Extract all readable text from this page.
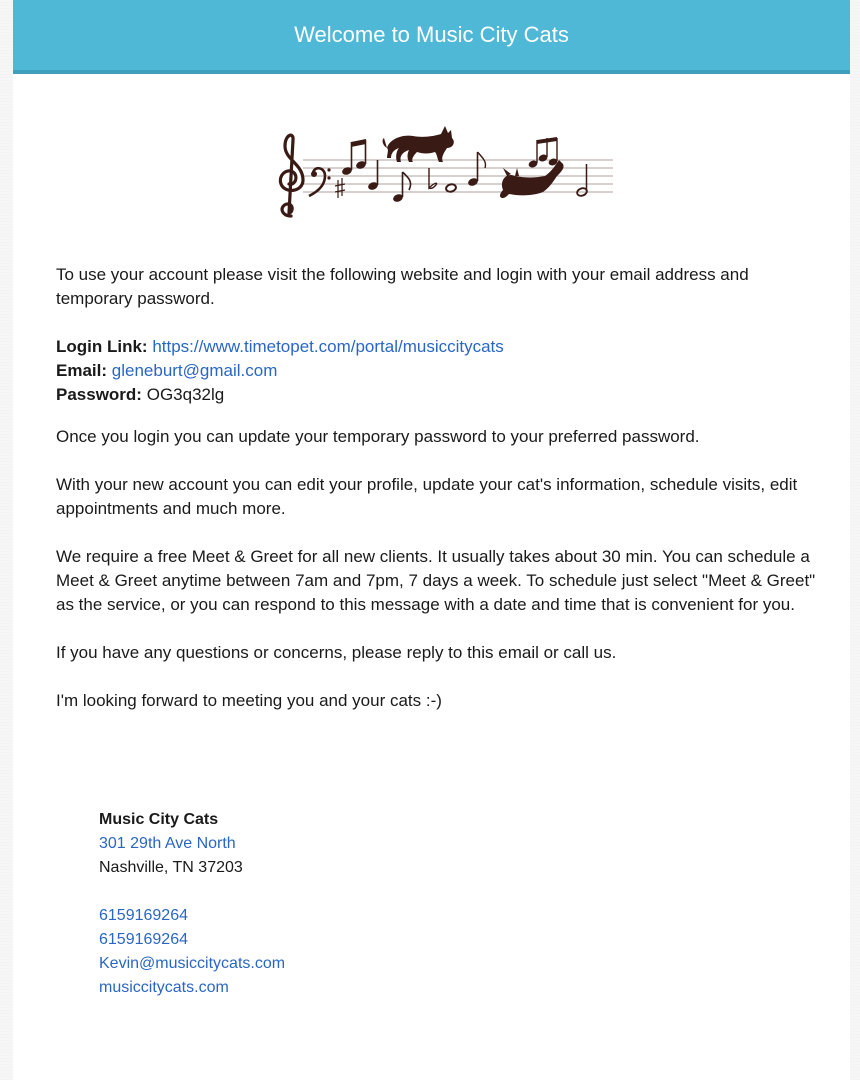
Welcome to Music City Cats

To use your account please visit the following website and login with your email address and temporary password.

Login Link: https://www.timetopet.com/portal/musiccitycats
Email: gleneburt@gmail.com
Password: OG3q32lg

Once you login you can update your temporary password to your preferred password.

With your new account you can edit your profile, update your cat's information, schedule visits, edit appointments and much more.

We require a free Meet & Greet for all new clients. It usually takes about 30 min. You can schedule a Meet & Greet anytime between 7am and 7pm, 7 days a week. To schedule just select "Meet & Greet" as the service, or you can respond to this message with a date and time that is convenient for you.

If you have any questions or concerns, please reply to this email or call us.

I'm looking forward to meeting you and your cats :-)

Music City Cats
301 29th Ave North
Nashville, TN 37203
6159169264
6159169264
Kevin@musiccitycats.com
musiccitycats.com
